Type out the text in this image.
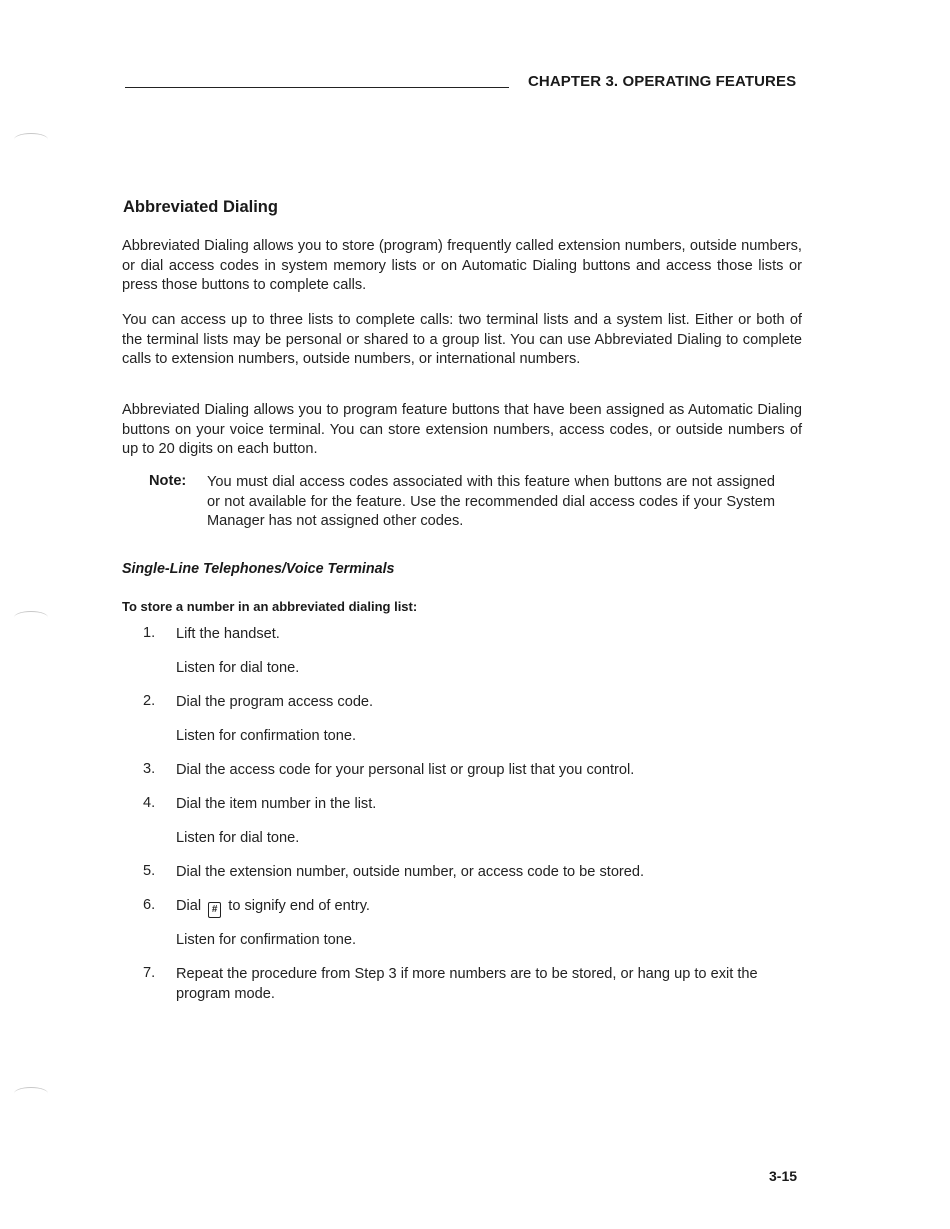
CHAPTER 3. OPERATING FEATURES
Abbreviated Dialing
Abbreviated Dialing allows you to store (program) frequently called extension numbers, outside numbers, or dial access codes in system memory lists or on Automatic Dialing buttons and access those lists or press those buttons to complete calls.
You can access up to three lists to complete calls: two terminal lists and a system list. Either or both of the terminal lists may be personal or shared to a group list. You can use Abbreviated Dialing to complete calls to extension numbers, outside numbers, or international numbers.
Abbreviated Dialing allows you to program feature buttons that have been assigned as Automatic Dialing buttons on your voice terminal. You can store extension numbers, access codes, or outside numbers of up to 20 digits on each button.
Note: You must dial access codes associated with this feature when buttons are not assigned or not available for the feature. Use the recommended dial access codes if your System Manager has not assigned other codes.
Single-Line Telephones/Voice Terminals
To store a number in an abbreviated dialing list:
1. Lift the handset.
Listen for dial tone.
2. Dial the program access code.
Listen for confirmation tone.
3. Dial the access code for your personal list or group list that you control.
4. Dial the item number in the list.
Listen for dial tone.
5. Dial the extension number, outside number, or access code to be stored.
6. Dial # to signify end of entry.
Listen for confirmation tone.
7. Repeat the procedure from Step 3 if more numbers are to be stored, or hang up to exit the program mode.
3-15
